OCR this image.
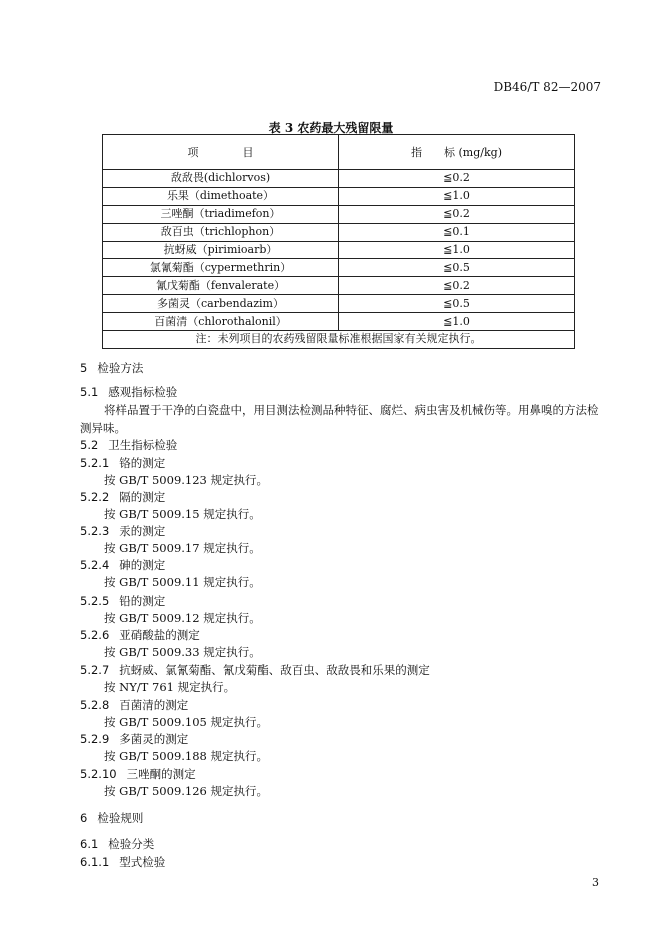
DB46/T 82—2007
表 3 农药最大残留限量
项　　　　目	指　　标 (mg/kg)
敌敌畏(dichlorvos)	≦0.2
乐果（dimethoate）	≦1.0
三唑酮（triadimefon）	≦0.2
敌百虫（trichlophon）	≦0.1
抗蚜威（pirimioarb）	≦1.0
氯氰菊酯（cypermethrin）	≦0.5
氰戊菊酯（fenvalerate）	≦0.2
多菌灵（carbendazim）	≦0.5
百菌清（chlorothalonil）	≦1.0
注：未列项目的农药残留限量标准根据国家有关规定执行。	
5 检验方法
5.1 感观指标检验
将样品置于干净的白瓷盘中，用目测法检测品种特征、腐烂、病虫害及机械伤等。用鼻嗅的方法检测异味。
5.2 卫生指标检验
5.2.1 铬的测定
按 GB/T 5009.123 规定执行。
5.2.2 隔的测定
按 GB/T 5009.15 规定执行。
5.2.3 汞的测定
按 GB/T 5009.17 规定执行。
5.2.4 砷的测定
按 GB/T 5009.11 规定执行。
5.2.5 铅的测定
按 GB/T 5009.12 规定执行。
5.2.6 亚硝酸盐的测定
按 GB/T 5009.33 规定执行。
5.2.7 抗蚜威、氯氰菊酯、氰戊菊酯、敌百虫、敌敌畏和乐果的测定
按 NY/T 761 规定执行。
5.2.8 百菌清的测定
按 GB/T 5009.105 规定执行。
5.2.9 多菌灵的测定
按 GB/T 5009.188 规定执行。
5.2.10 三唑酮的测定
按 GB/T 5009.126 规定执行。
6 检验规则
6.1 检验分类
6.1.1 型式检验
3
